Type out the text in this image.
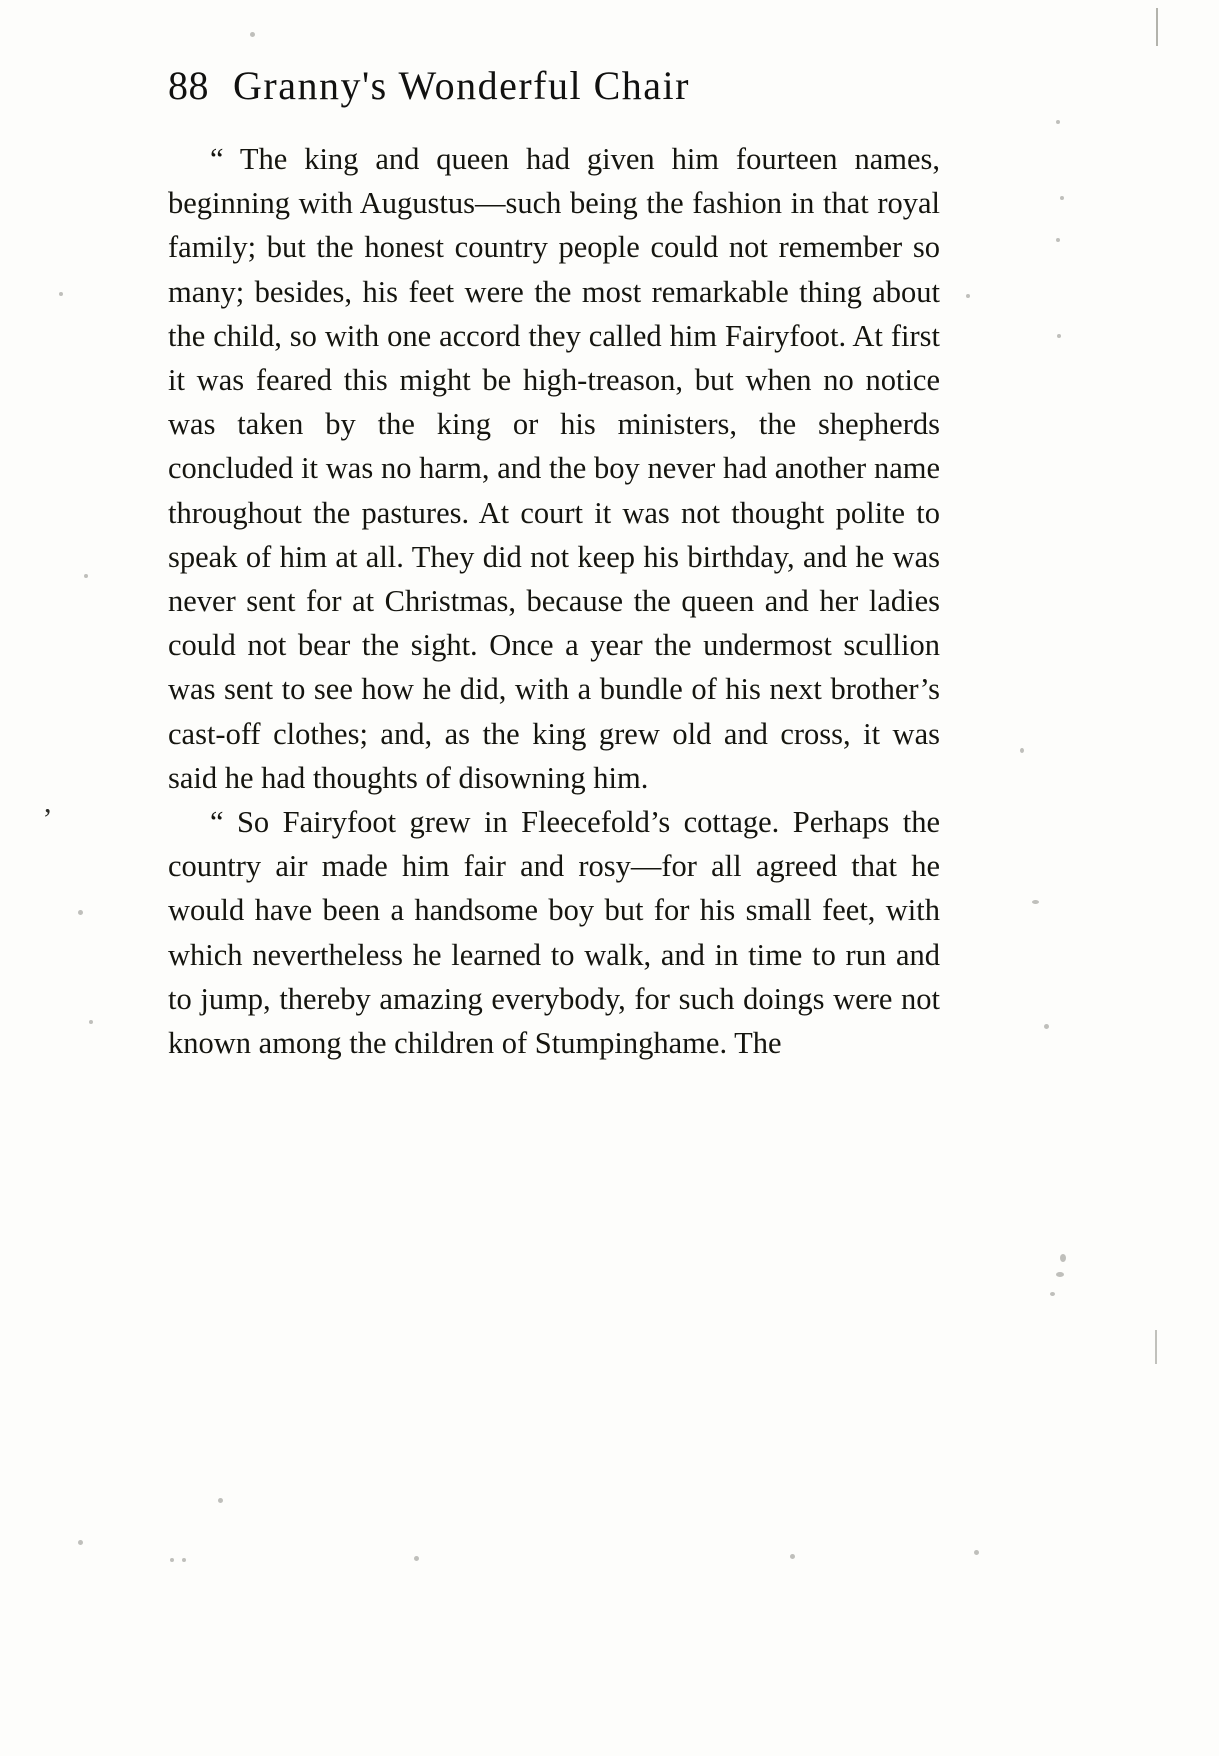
,
88 Granny's Wonderful Chair

“ The king and queen had given him fourteen names, beginning with Augustus—such being the fashion in that royal family; but the honest country people could not remember so many; besides, his feet were the most remarkable thing about the child, so with one accord they called him Fairyfoot. At first it was feared this might be high-treason, but when no notice was taken by the king or his ministers, the shepherds concluded it was no harm, and the boy never had another name throughout the pastures. At court it was not thought polite to speak of him at all. They did not keep his birthday, and he was never sent for at Christmas, because the queen and her ladies could not bear the sight. Once a year the undermost scullion was sent to see how he did, with a bundle of his next brother’s cast-off clothes; and, as the king grew old and cross, it was said he had thoughts of disowning him.

“ So Fairyfoot grew in Fleecefold’s cottage. Perhaps the country air made him fair and rosy—for all agreed that he would have been a handsome boy but for his small feet, with which nevertheless he learned to walk, and in time to run and to jump, thereby amazing everybody, for such doings were not known among the children of Stumpinghame. The
